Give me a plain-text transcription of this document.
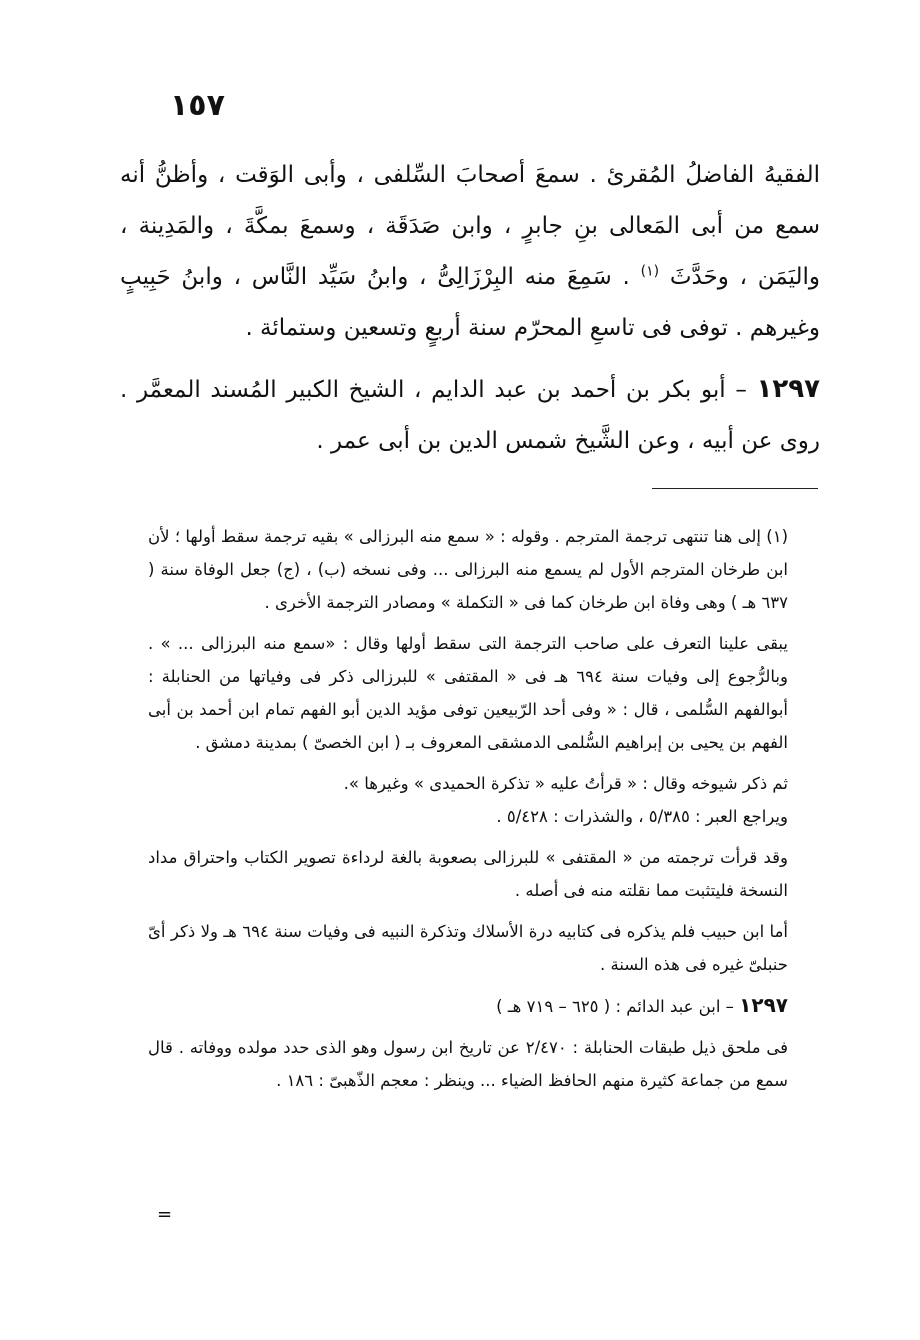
١٥٧

الفقيهُ الفاضلُ المُقرئ . سمعَ أصحابَ السِّلفى ، وأبى الوَقت ، وأظنُّ أنه سمع من أبى المَعالى بنِ جابرٍ ، وابن صَدَقَة ، وسمعَ بمكَّةَ ، والمَدِينة ، واليَمَن ، وحَدَّثَ $^{(١)}$ . سَمِعَ منه البِرْزَالِىُّ ، وابنُ سَيِّد النَّاس ، وابنُ حَبِيبٍ وغيرهم . توفى فى تاسعِ المحرّم سنة أربعٍ وتسعين وستمائة .

١٢٩٧ – أبو بكر بن أحمد بن عبد الدايم ، الشيخ الكبير المُسند المعمَّر . روى عن أبيه ، وعن الشَّيخ شمس الدين بن أبى عمر .

(١) إلى هنا تنتهى ترجمة المترجم . وقوله : « سمع منه البرزالى » بقيه ترجمة سقط أولها ؛ لأن ابن طرخان المترجم الأول لم يسمع منه البرزالى ... وفى نسخه (ب) ، (ج) جعل الوفاة سنة ( ٦٣٧ هـ ) وهى وفاة ابن طرخان كما فى « التكملة » ومصادر الترجمة الأخرى .

يبقى علينا التعرف على صاحب الترجمة التى سقط أولها وقال : «سمع منه البرزالى ... » . وبالرُّجوع إلى وفيات سنة ٦٩٤ هـ فى « المقتفى » للبرزالى ذكر فى وفياتها من الحنابلة : أبوالفهم السُّلمى ، قال : « وفى أحد الرّبيعين توفى مؤيد الدين أبو الفهم تمام ابن أحمد بن أبى الفهم بن يحيى بن إبراهيم السُّلمى الدمشقى المعروف بـ ( ابن الخصىّ ) بمدينة دمشق .

ثم ذكر شيوخه وقال : « قرأتُ عليه « تذكرة الحميدى » وغيرها ».

ويراجع العبر : ٥/٣٨٥ ، والشذرات : ٥/٤٢٨ .

وقد قرأت ترجمته من « المقتفى » للبرزالى بصعوبة بالغة لرداءة تصوير الكتاب واحتراق مداد النسخة فليتثبت مما نقلته منه فى أصله .

أما ابن حبيب فلم يذكره فى كتابيه درة الأسلاك وتذكرة النبيه فى وفيات سنة ٦٩٤ هـ ولا ذكر أىّ حنبلىّ غيره فى هذه السنة .

١٢٩٧ – ابن عبد الدائم : ( ٦٢٥ – ٧١٩ هـ )

فى ملحق ذيل طبقات الحنابلة : ٢/٤٧٠ عن تاريخ ابن رسول وهو الذى حدد مولده ووفاته . قال سمع من جماعة كثيرة منهم الحافظ الضياء ... وينظر : معجم الذّهبىّ : ١٨٦ .

=
